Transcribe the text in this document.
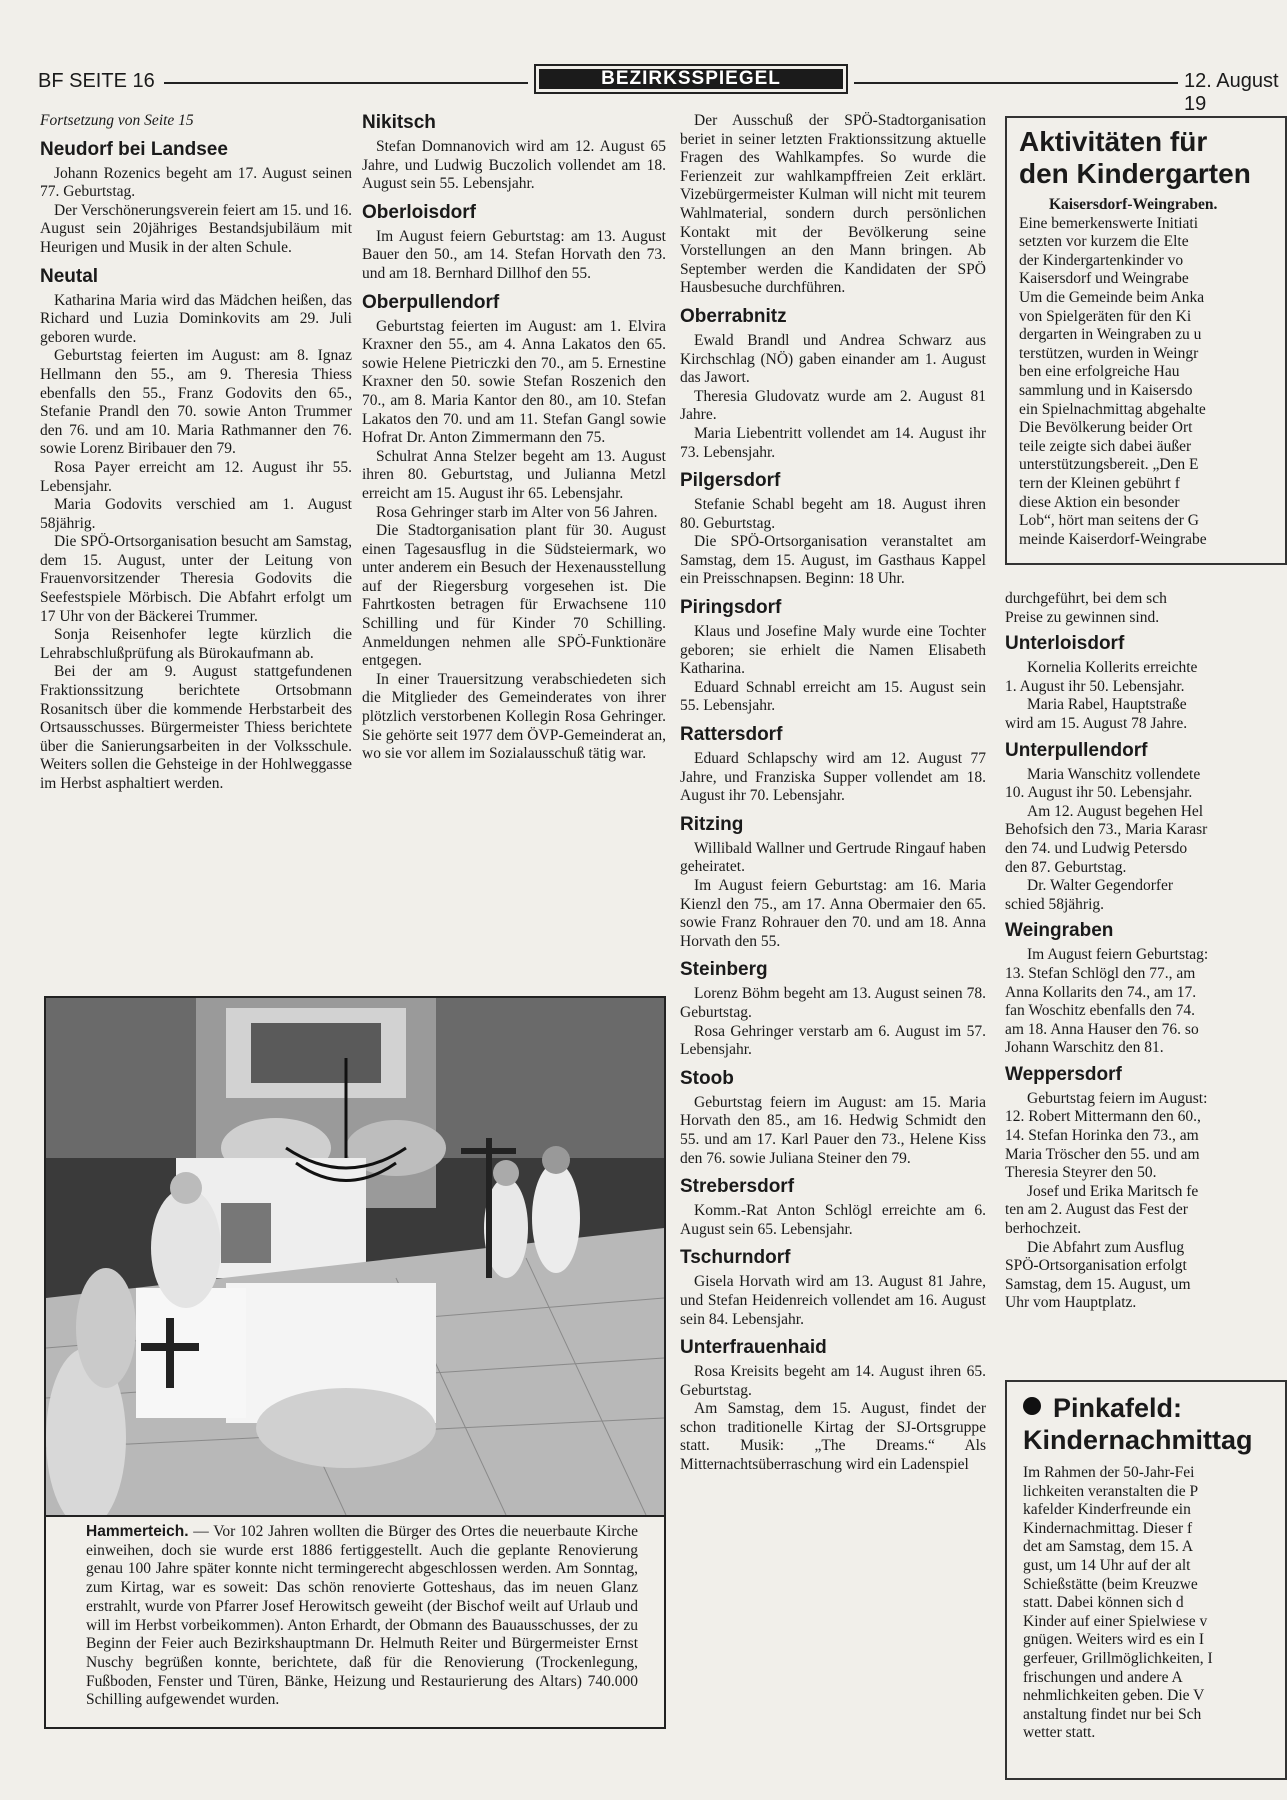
BF SEITE 16	BEZIRKSSPIEGEL	12. August 19

Fortsetzung von Seite 15

Neudorf bei Landsee

Johann Rozenics begeht am 17. August seinen 77. Geburtstag.

Der Verschönerungsverein feiert am 15. und 16. August sein 20jähriges Bestandsjubiläum mit Heurigen und Musik in der alten Schule.

Neutal

Katharina Maria wird das Mädchen heißen, das Richard und Luzia Dominkovits am 29. Juli geboren wurde.

Geburtstag feierten im August: am 8. Ignaz Hellmann den 55., am 9. Theresia Thiess ebenfalls den 55., Franz Godovits den 65., Stefanie Prandl den 70. sowie Anton Trummer den 76. und am 10. Maria Rathmanner den 76. sowie Lorenz Biribauer den 79.

Rosa Payer erreicht am 12. August ihr 55. Lebensjahr.

Maria Godovits verschied am 1. August 58jährig.

Die SPÖ-Ortsorganisation besucht am Samstag, dem 15. August, unter der Leitung von Frauenvorsitzender Theresia Godovits die Seefestspiele Mörbisch. Die Abfahrt erfolgt um 17 Uhr von der Bäckerei Trummer.

Sonja Reisenhofer legte kürzlich die Lehrabschlußprüfung als Bürokaufmann ab.

Bei der am 9. August stattgefundenen Fraktionssitzung berichtete Ortsobmann Rosanitsch über die kommende Herbstarbeit des Ortsausschusses. Bürgermeister Thiess berichtete über die Sanierungsarbeiten in der Volksschule. Weiters sollen die Gehsteige in der Hohlweggasse im Herbst asphaltiert werden.

Nikitsch

Stefan Domnanovich wird am 12. August 65 Jahre, und Ludwig Buczolich vollendet am 18. August sein 55. Lebensjahr.

Oberloisdorf

Im August feiern Geburtstag: am 13. August Bauer den 50., am 14. Stefan Horvath den 73. und am 18. Bernhard Dillhof den 55.

Oberpullendorf

Geburtstag feierten im August: am 1. Elvira Kraxner den 55., am 4. Anna Lakatos den 65. sowie Helene Pietriczki den 70., am 5. Ernestine Kraxner den 50. sowie Stefan Roszenich den 70., am 8. Maria Kantor den 80., am 10. Stefan Lakatos den 70. und am 11. Stefan Gangl sowie Hofrat Dr. Anton Zimmermann den 75.

Schulrat Anna Stelzer begeht am 13. August ihren 80. Geburtstag, und Julianna Metzl erreicht am 15. August ihr 65. Lebensjahr.

Rosa Gehringer starb im Alter von 56 Jahren.

Die Stadtorganisation plant für 30. August einen Tagesausflug in die Südsteiermark, wo unter anderem ein Besuch der Hexenausstellung auf der Riegersburg vorgesehen ist. Die Fahrtkosten betragen für Erwachsene 110 Schilling und für Kinder 70 Schilling. Anmeldungen nehmen alle SPÖ-Funktionäre entgegen.

In einer Trauersitzung verabschiedeten sich die Mitglieder des Gemeinderates von ihrer plötzlich verstorbenen Kollegin Rosa Gehringer. Sie gehörte seit 1977 dem ÖVP-Gemeinderat an, wo sie vor allem im Sozialausschuß tätig war.

Der Ausschuß der SPÖ-Stadtorganisation beriet in seiner letzten Fraktionssitzung aktuelle Fragen des Wahlkampfes. So wurde die Ferienzeit zur wahlkampffreien Zeit erklärt. Vizebürgermeister Kulman will nicht mit teurem Wahlmaterial, sondern durch persönlichen Kontakt mit der Bevölkerung seine Vorstellungen an den Mann bringen. Ab September werden die Kandidaten der SPÖ Hausbesuche durchführen.

Oberrabnitz

Ewald Brandl und Andrea Schwarz aus Kirchschlag (NÖ) gaben einander am 1. August das Jawort.

Theresia Gludovatz wurde am 2. August 81 Jahre.

Maria Liebentritt vollendet am 14. August ihr 73. Lebensjahr.

Pilgersdorf

Stefanie Schabl begeht am 18. August ihren 80. Geburtstag.

Die SPÖ-Ortsorganisation veranstaltet am Samstag, dem 15. August, im Gasthaus Kappel ein Preisschnapsen. Beginn: 18 Uhr.

Piringsdorf

Klaus und Josefine Maly wurde eine Tochter geboren; sie erhielt die Namen Elisabeth Katharina.

Eduard Schnabl erreicht am 15. August sein 55. Lebensjahr.

Rattersdorf

Eduard Schlapschy wird am 12. August 77 Jahre, und Franziska Supper vollendet am 18. August ihr 70. Lebensjahr.

Ritzing

Willibald Wallner und Gertrude Ringauf haben geheiratet.

Im August feiern Geburtstag: am 16. Maria Kienzl den 75., am 17. Anna Obermaier den 65. sowie Franz Rohrauer den 70. und am 18. Anna Horvath den 55.

Steinberg

Lorenz Böhm begeht am 13. August seinen 78. Geburtstag.

Rosa Gehringer verstarb am 6. August im 57. Lebensjahr.

Stoob

Geburtstag feiern im August: am 15. Maria Horvath den 85., am 16. Hedwig Schmidt den 55. und am 17. Karl Pauer den 73., Helene Kiss den 76. sowie Juliana Steiner den 79.

Strebersdorf

Komm.-Rat Anton Schlögl erreichte am 6. August sein 65. Lebensjahr.

Tschurndorf

Gisela Horvath wird am 13. August 81 Jahre, und Stefan Heidenreich vollendet am 16. August sein 84. Lebensjahr.

Unterfrauenhaid

Rosa Kreisits begeht am 14. August ihren 65. Geburtstag.

Am Samstag, dem 15. August, findet der schon traditionelle Kirtag der SJ-Ortsgruppe statt. Musik: „The Dreams.“ Als Mitternachtsüberraschung wird ein Ladenspiel

Aktivitäten für
den Kindergarten

Kaisersdorf-Weingraben.

Eine bemerkenswerte Initiati

setzten vor kurzem die Elte

der Kindergartenkinder vo

Kaisersdorf und Weingrabe

Um die Gemeinde beim Anka

von Spielgeräten für den Ki

dergarten in Weingraben zu u

terstützen, wurden in Weingr

ben eine erfolgreiche Hau

sammlung und in Kaisersdo

ein Spielnachmittag abgehalte

Die Bevölkerung beider Ort

teile zeigte sich dabei äußer

unterstützungsbereit. „Den E

tern der Kleinen gebührt f

diese Aktion ein besonder

Lob“, hört man seitens der G

meinde Kaiserdorf-Weingrabe

durchgeführt, bei dem sch

Preise zu gewinnen sind.

Unterloisdorf

Kornelia Kollerits erreichte

1. August ihr 50. Lebensjahr.

Maria Rabel, Hauptstraße

wird am 15. August 78 Jahre.

Unterpullendorf

Maria Wanschitz vollendete

10. August ihr 50. Lebensjahr.

Am 12. August begehen Hel

Behofsich den 73., Maria Karasr

den 74. und Ludwig Petersdo

den 87. Geburtstag.

Dr. Walter Gegendorfer

schied 58jährig.

Weingraben

Im August feiern Geburtstag:

13. Stefan Schlögl den 77., am

Anna Kollarits den 74., am 17.

fan Woschitz ebenfalls den 74.

am 18. Anna Hauser den 76. so

Johann Warschitz den 81.

Weppersdorf

Geburtstag feiern im August:

12. Robert Mittermann den 60.,

14. Stefan Horinka den 73., am

Maria Tröscher den 55. und am

Theresia Steyrer den 50.

Josef und Erika Maritsch fe

ten am 2. August das Fest der

berhochzeit.

Die Abfahrt zum Ausflug

SPÖ-Ortsorganisation erfolgt

Samstag, dem 15. August, um

Uhr vom Hauptplatz.

Pinkafeld:
Kindernachmittag

Im Rahmen der 50-Jahr-Fei

lichkeiten veranstalten die P

kafelder Kinderfreunde ein

Kindernachmittag. Dieser f

det am Samstag, dem 15. A

gust, um 14 Uhr auf der alt

Schießstätte (beim Kreuzwe

statt. Dabei können sich d

Kinder auf einer Spielwiese v

gnügen. Weiters wird es ein I

gerfeuer, Grillmöglichkeiten, I

frischungen und andere A

nehmlichkeiten geben. Die V

anstaltung findet nur bei Sch

wetter statt.

Hammerteich. — Vor 102 Jahren wollten die Bürger des Ortes die neuerbaute Kirche einweihen, doch sie wurde erst 1886 fertiggestellt. Auch die geplante Renovierung genau 100 Jahre später konnte nicht termingerecht abgeschlossen werden. Am Sonntag, zum Kirtag, war es soweit: Das schön renovierte Gotteshaus, das im neuen Glanz erstrahlt, wurde von Pfarrer Josef Herowitsch geweiht (der Bischof weilt auf Urlaub und will im Herbst vorbeikommen). Anton Erhardt, der Obmann des Bauausschusses, der zu Beginn der Feier auch Bezirkshauptmann Dr. Helmuth Reiter und Bürgermeister Ernst Nuschy begrüßen konnte, berichtete, daß für die Renovierung (Trockenlegung, Fußboden, Fenster und Türen, Bänke, Heizung und Restaurierung des Altars) 740.000 Schilling aufgewendet wurden.
